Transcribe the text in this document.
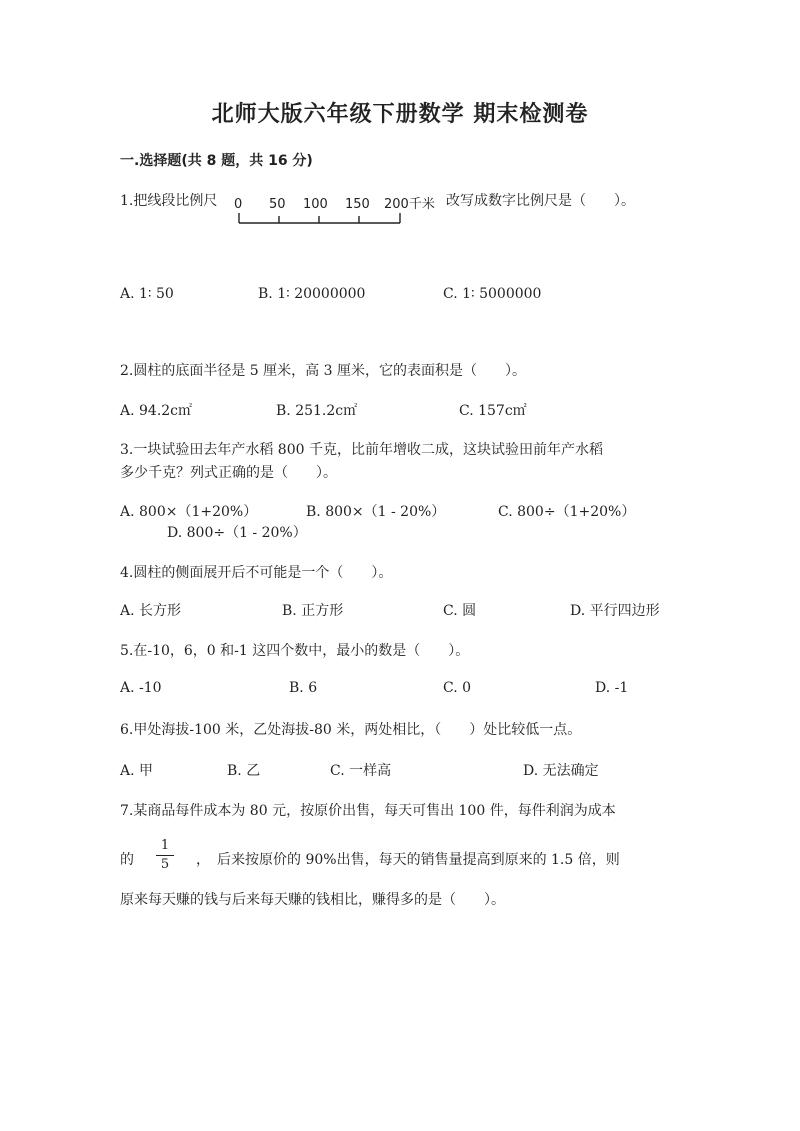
北师大版六年级下册数学 期末检测卷
一.选择题(共 8 题，共 16 分)
1.把线段比例尺 0 50 100 150 200千米 改写成数字比例尺是（　　）。
A. 1∶ 50	B. 1∶ 20000000	C. 1∶ 5000000
2.圆柱的底面半径是 5 厘米，高 3 厘米，它的表面积是（　　）。
A. 94.2c㎡	B. 251.2c㎡	C. 157c㎡
3.一块试验田去年产水稻 800 千克，比前年增收二成，这块试验田前年产水稻
多少千克？列式正确的是（　　）。
A. 800×（1+20%）	B. 800×（1 - 20%）	C. 800÷（1+20%）
D. 800÷（1 - 20%）
4.圆柱的侧面展开后不可能是一个（　　）。
A. 长方形	B. 正方形	C. 圆	D. 平行四边形
5.在-10，6，0 和-1 这四个数中，最小的数是（　　）。
A. -10	B. 6	C. 0	D. -1
6.甲处海拔-100 米，乙处海拔-80 米，两处相比，（　　）处比较低一点。
A. 甲	B. 乙	C. 一样高	D. 无法确定
7.某商品每件成本为 80 元，按原价出售，每天可售出 100 件，每件利润为成本
的
1
5	，　后来按原价的 90%出售，每天的销售量提高到原来的 1.5 倍，则
原来每天赚的钱与后来每天赚的钱相比，赚得多的是（　　）。
